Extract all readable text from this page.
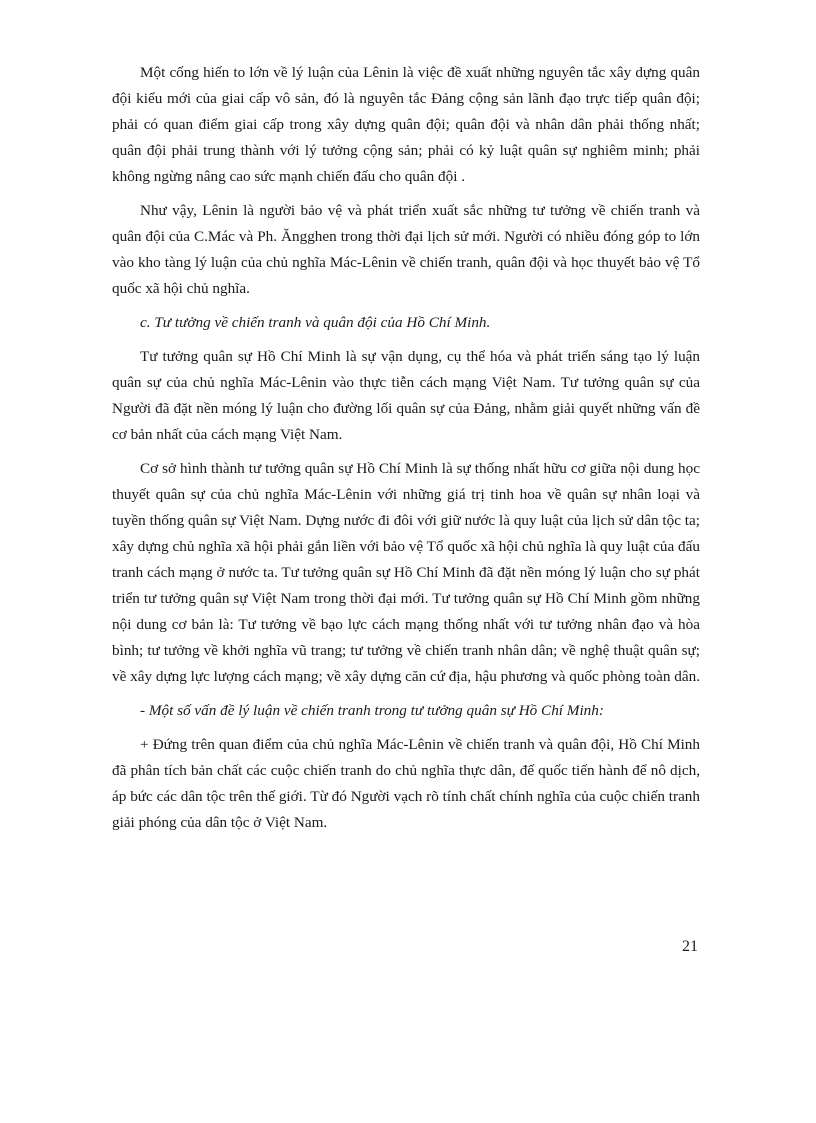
Một cống hiến to lớn về lý luận của Lênin là việc đề xuất những nguyên tắc xây dựng quân đội kiểu mới của giai cấp vô sản, đó là nguyên tắc Đảng cộng sản lãnh đạo trực tiếp quân đội; phải có quan điểm giai cấp trong xây dựng quân đội; quân đội và nhân dân phải thống nhất; quân đội phải trung thành với lý tưởng cộng sản; phải có kỷ luật quân sự nghiêm minh; phải không ngừng nâng cao sức mạnh chiến đấu cho quân đội .

Như vậy, Lênin là người bảo vệ và phát triển xuất sắc những tư tưởng về chiến tranh và quân đội của C.Mác và Ph. Ăngghen trong thời đại lịch sử mới. Người có nhiều đóng góp to lớn vào kho tàng lý luận của chủ nghĩa Mác-Lênin về chiến tranh, quân đội và học thuyết bảo vệ Tổ quốc xã hội chủ nghĩa.

c. Tư tưởng về chiến tranh và quân đội của Hồ Chí Minh.

Tư tưởng quân sự Hồ Chí Minh là sự vận dụng, cụ thể hóa và phát triển sáng tạo lý luận quân sự của chủ nghĩa Mác-Lênin vào thực tiễn cách mạng Việt Nam. Tư tưởng quân sự của Người đã đặt nền móng lý luận cho đường lối quân sự của Đảng, nhằm giải quyết những vấn đề cơ bản nhất của cách mạng Việt Nam.

Cơ sở hình thành tư tưởng quân sự Hồ Chí Minh là sự thống nhất hữu cơ giữa nội dung học thuyết quân sự của chủ nghĩa Mác-Lênin với những giá trị tinh hoa về quân sự nhân loại và tuyền thống quân sự Việt Nam. Dựng nước đi đôi với giữ nước là quy luật của lịch sử dân tộc ta; xây dựng chủ nghĩa xã hội phải gắn liền với bảo vệ Tổ quốc xã hội chủ nghĩa là quy luật của đấu tranh cách mạng ở nước ta. Tư tưởng quân sự Hồ Chí Minh đã đặt nền móng lý luận cho sự phát triển tư tưởng quân sự Việt Nam trong thời đại mới. Tư tưởng quân sự Hồ Chí Minh gồm những nội dung cơ bản là: Tư tưởng về bạo lực cách mạng thống nhất với tư tưởng nhân đạo và hòa bình; tư tưởng về khởi nghĩa vũ trang; tư tưởng về chiến tranh nhân dân; về nghệ thuật quân sự; về xây dựng lực lượng cách mạng; về xây dựng căn cứ địa, hậu phương và quốc phòng toàn dân.

- Một số vấn đề lý luận về chiến tranh trong tư tưởng quân sự Hồ Chí Minh:

+ Đứng trên quan điểm của chủ nghĩa Mác-Lênin về chiến tranh và quân đội, Hồ Chí Minh đã phân tích bản chất các cuộc chiến tranh do chủ nghĩa thực dân, đế quốc tiến hành để nô dịch, áp bức các dân tộc trên thế giới. Từ đó Người vạch rõ tính chất chính nghĩa của cuộc chiến tranh giải phóng của dân tộc ở Việt Nam.

21
